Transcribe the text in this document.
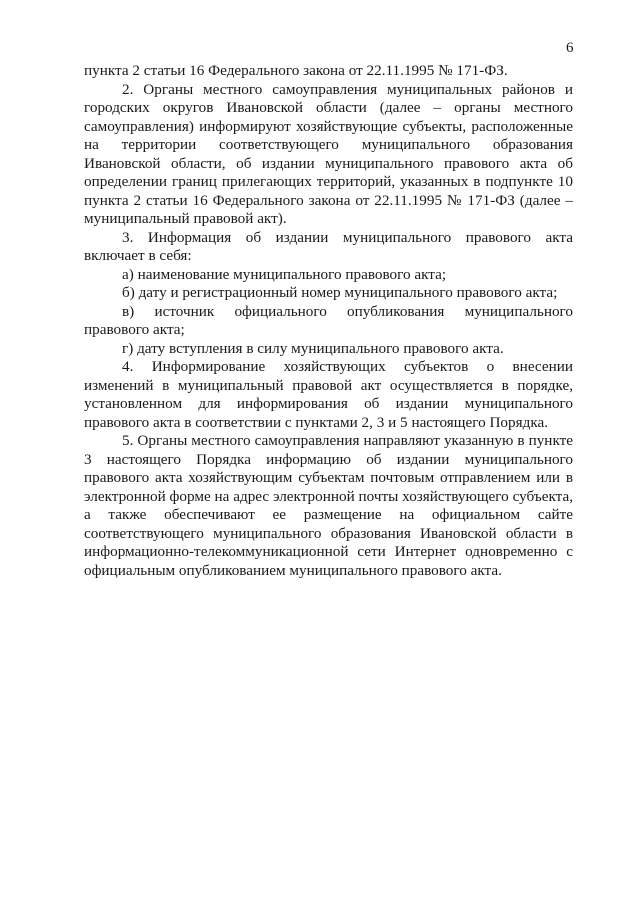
6

пункта 2 статьи 16 Федерального закона от 22.11.1995 № 171-ФЗ.

2. Органы местного самоуправления муниципальных районов и городских округов Ивановской области (далее – органы местного самоуправления) информируют хозяйствующие субъекты, расположенные на территории соответствующего муниципального образования Ивановской области, об издании муниципального правового акта об определении границ прилегающих территорий, указанных в подпункте 10 пункта 2 статьи 16 Федерального закона от 22.11.1995 № 171-ФЗ (далее – муниципальный правовой акт).

3. Информация об издании муниципального правового акта включает в себя:

а) наименование муниципального правового акта;

б) дату и регистрационный номер муниципального правового акта;

в) источник официального опубликования муниципального правового акта;

г) дату вступления в силу муниципального правового акта.

4. Информирование хозяйствующих субъектов о внесении изменений в муниципальный правовой акт осуществляется в порядке, установленном для информирования об издании муниципального правового акта в соответствии с пунктами 2, 3 и 5 настоящего Порядка.

5. Органы местного самоуправления направляют указанную в пункте 3 настоящего Порядка информацию об издании муниципального правового акта хозяйствующим субъектам почтовым отправлением или в электронной форме на адрес электронной почты хозяйствующего субъекта, а также обеспечивают ее размещение на официальном сайте соответствующего муниципального образования Ивановской области в информационно-телекоммуникационной сети Интернет одновременно с официальным опубликованием муниципального правового акта.
